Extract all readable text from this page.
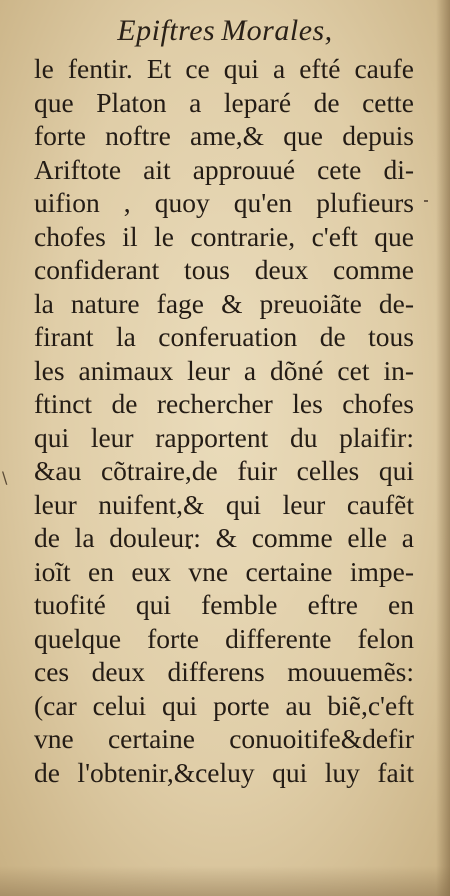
Epiftres Morales,
\
le fentir. Et ce qui a efté caufe
que Platon a leparé de cette
forte noftre ame,& que depuis
Ariftote ait approuué cete di-
uifion , quoy qu'en plufieurs
chofes il le contrarie, c'eft que
confiderant tous deux comme
la nature fage & preuoiãte de-
firant la conferuation de tous
les animaux leur a dõné cet in-
ftinct de rechercher les chofes
qui leur rapportent du plaifir:
&au cõtraire,de fuir celles qui
leur nuifent,& qui leur caufẽt
de la douleur: & comme elle a
ioĩt en eux vne certaine impe-
tuofité qui femble eftre en
quelque forte differente felon
ces deux differens mouuemẽs:
(car celui qui porte au biẽ,c'eft
vne certaine conuoitife&defir
de l'obtenir,&celuy qui luy fait
